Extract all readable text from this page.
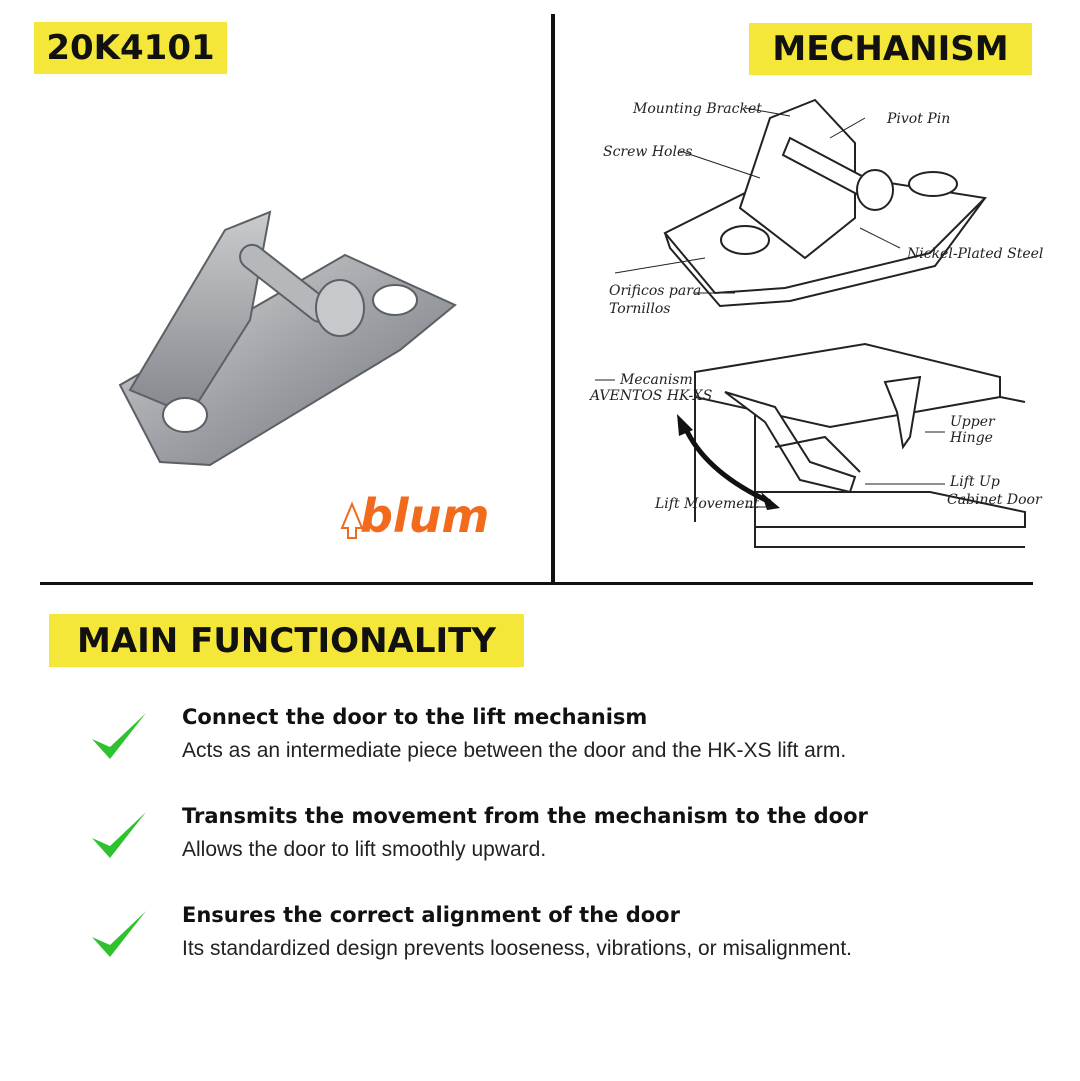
20K4101	MECHANISM
blum
Mounting Bracket
Pivot Pin
Screw Holes
Nickel-Plated Steel
Orificos para
Tornillos
Mecanism
AVENTOS HK-XS
Upper
Hinge
Lift Up
Cabinet Door
Lift Movement
MAIN FUNCTIONALITY
Connect the door to the lift mechanism
Acts as an intermediate piece between the door and the HK-XS lift arm.
Transmits the movement from the mechanism to the door
Allows the door to lift smoothly upward.
Ensures the correct alignment of the door
Its standardized design prevents looseness, vibrations, or misalignment.
